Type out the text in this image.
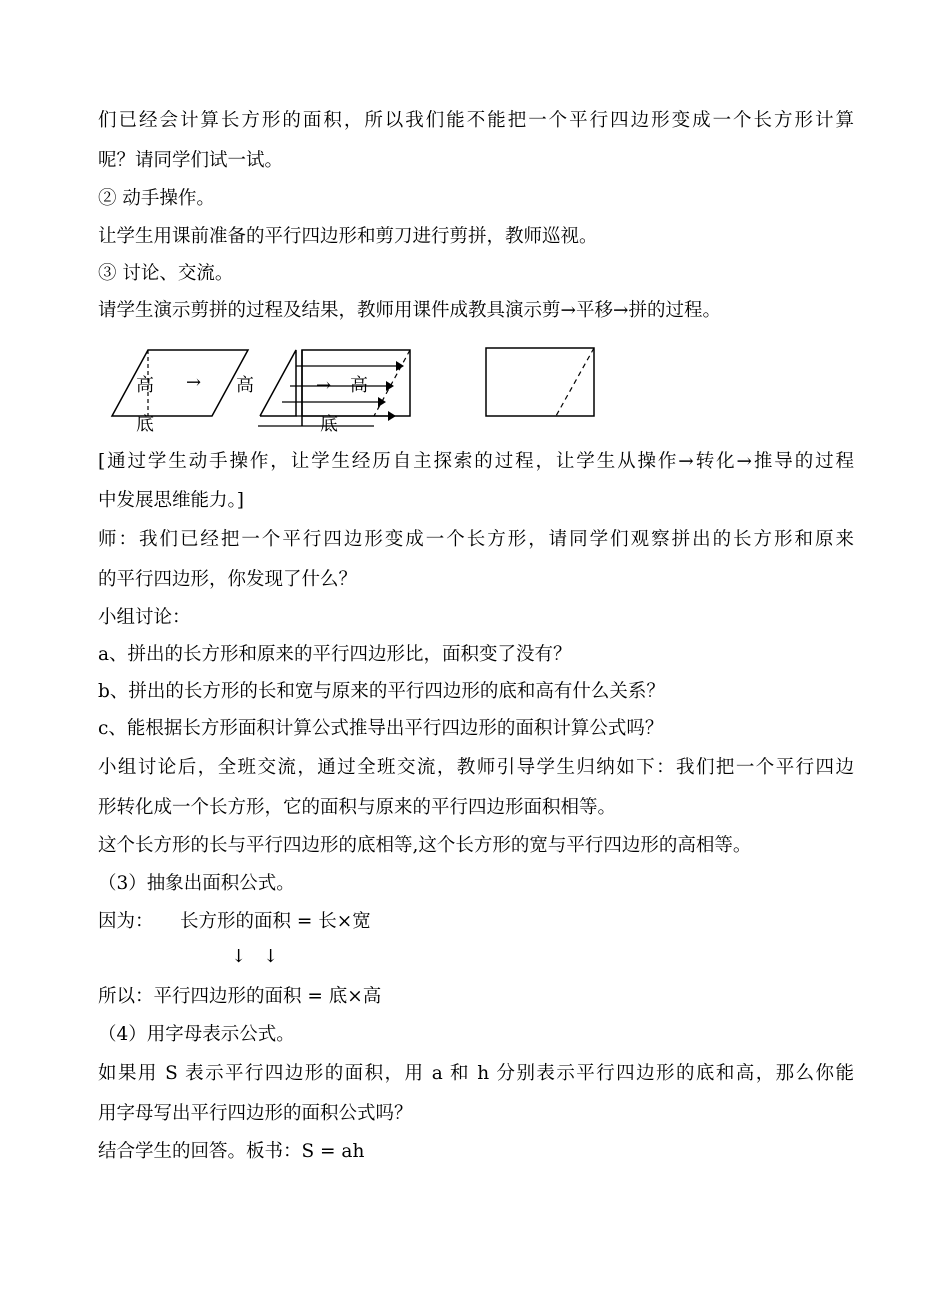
们已经会计算长方形的面积，所以我们能不能把一个平行四边形变成一个长方形计算
呢？请同学们试一试。
② 动手操作。
让学生用课前准备的平行四边形和剪刀进行剪拼，教师巡视。
③ 讨论、交流。
请学生演示剪拼的过程及结果，教师用课件成教具演示剪→平移→拼的过程。
高 → 高
底
→ 高
底
[通过学生动手操作，让学生经历自主探索的过程，让学生从操作→转化→推导的过程
中发展思维能力。]
师：我们已经把一个平行四边形变成一个长方形，请同学们观察拼出的长方形和原来
的平行四边形，你发现了什么？
小组讨论：
a、拼出的长方形和原来的平行四边形比，面积变了没有？
b、拼出的长方形的长和宽与原来的平行四边形的底和高有什么关系？
c、能根据长方形面积计算公式推导出平行四边形的面积计算公式吗？
小组讨论后，全班交流，通过全班交流，教师引导学生归纳如下：我们把一个平行四边
形转化成一个长方形，它的面积与原来的平行四边形面积相等。
这个长方形的长与平行四边形的底相等,这个长方形的宽与平行四边形的高相等。
（3）抽象出面积公式。
因为： 长方形的面积 = 长×宽
↓ ↓
所以：平行四边形的面积 = 底×高
（4）用字母表示公式。
如果用 S 表示平行四边形的面积，用 a 和 h 分别表示平行四边形的底和高，那么你能
用字母写出平行四边形的面积公式吗？
结合学生的回答。板书：S = ah
